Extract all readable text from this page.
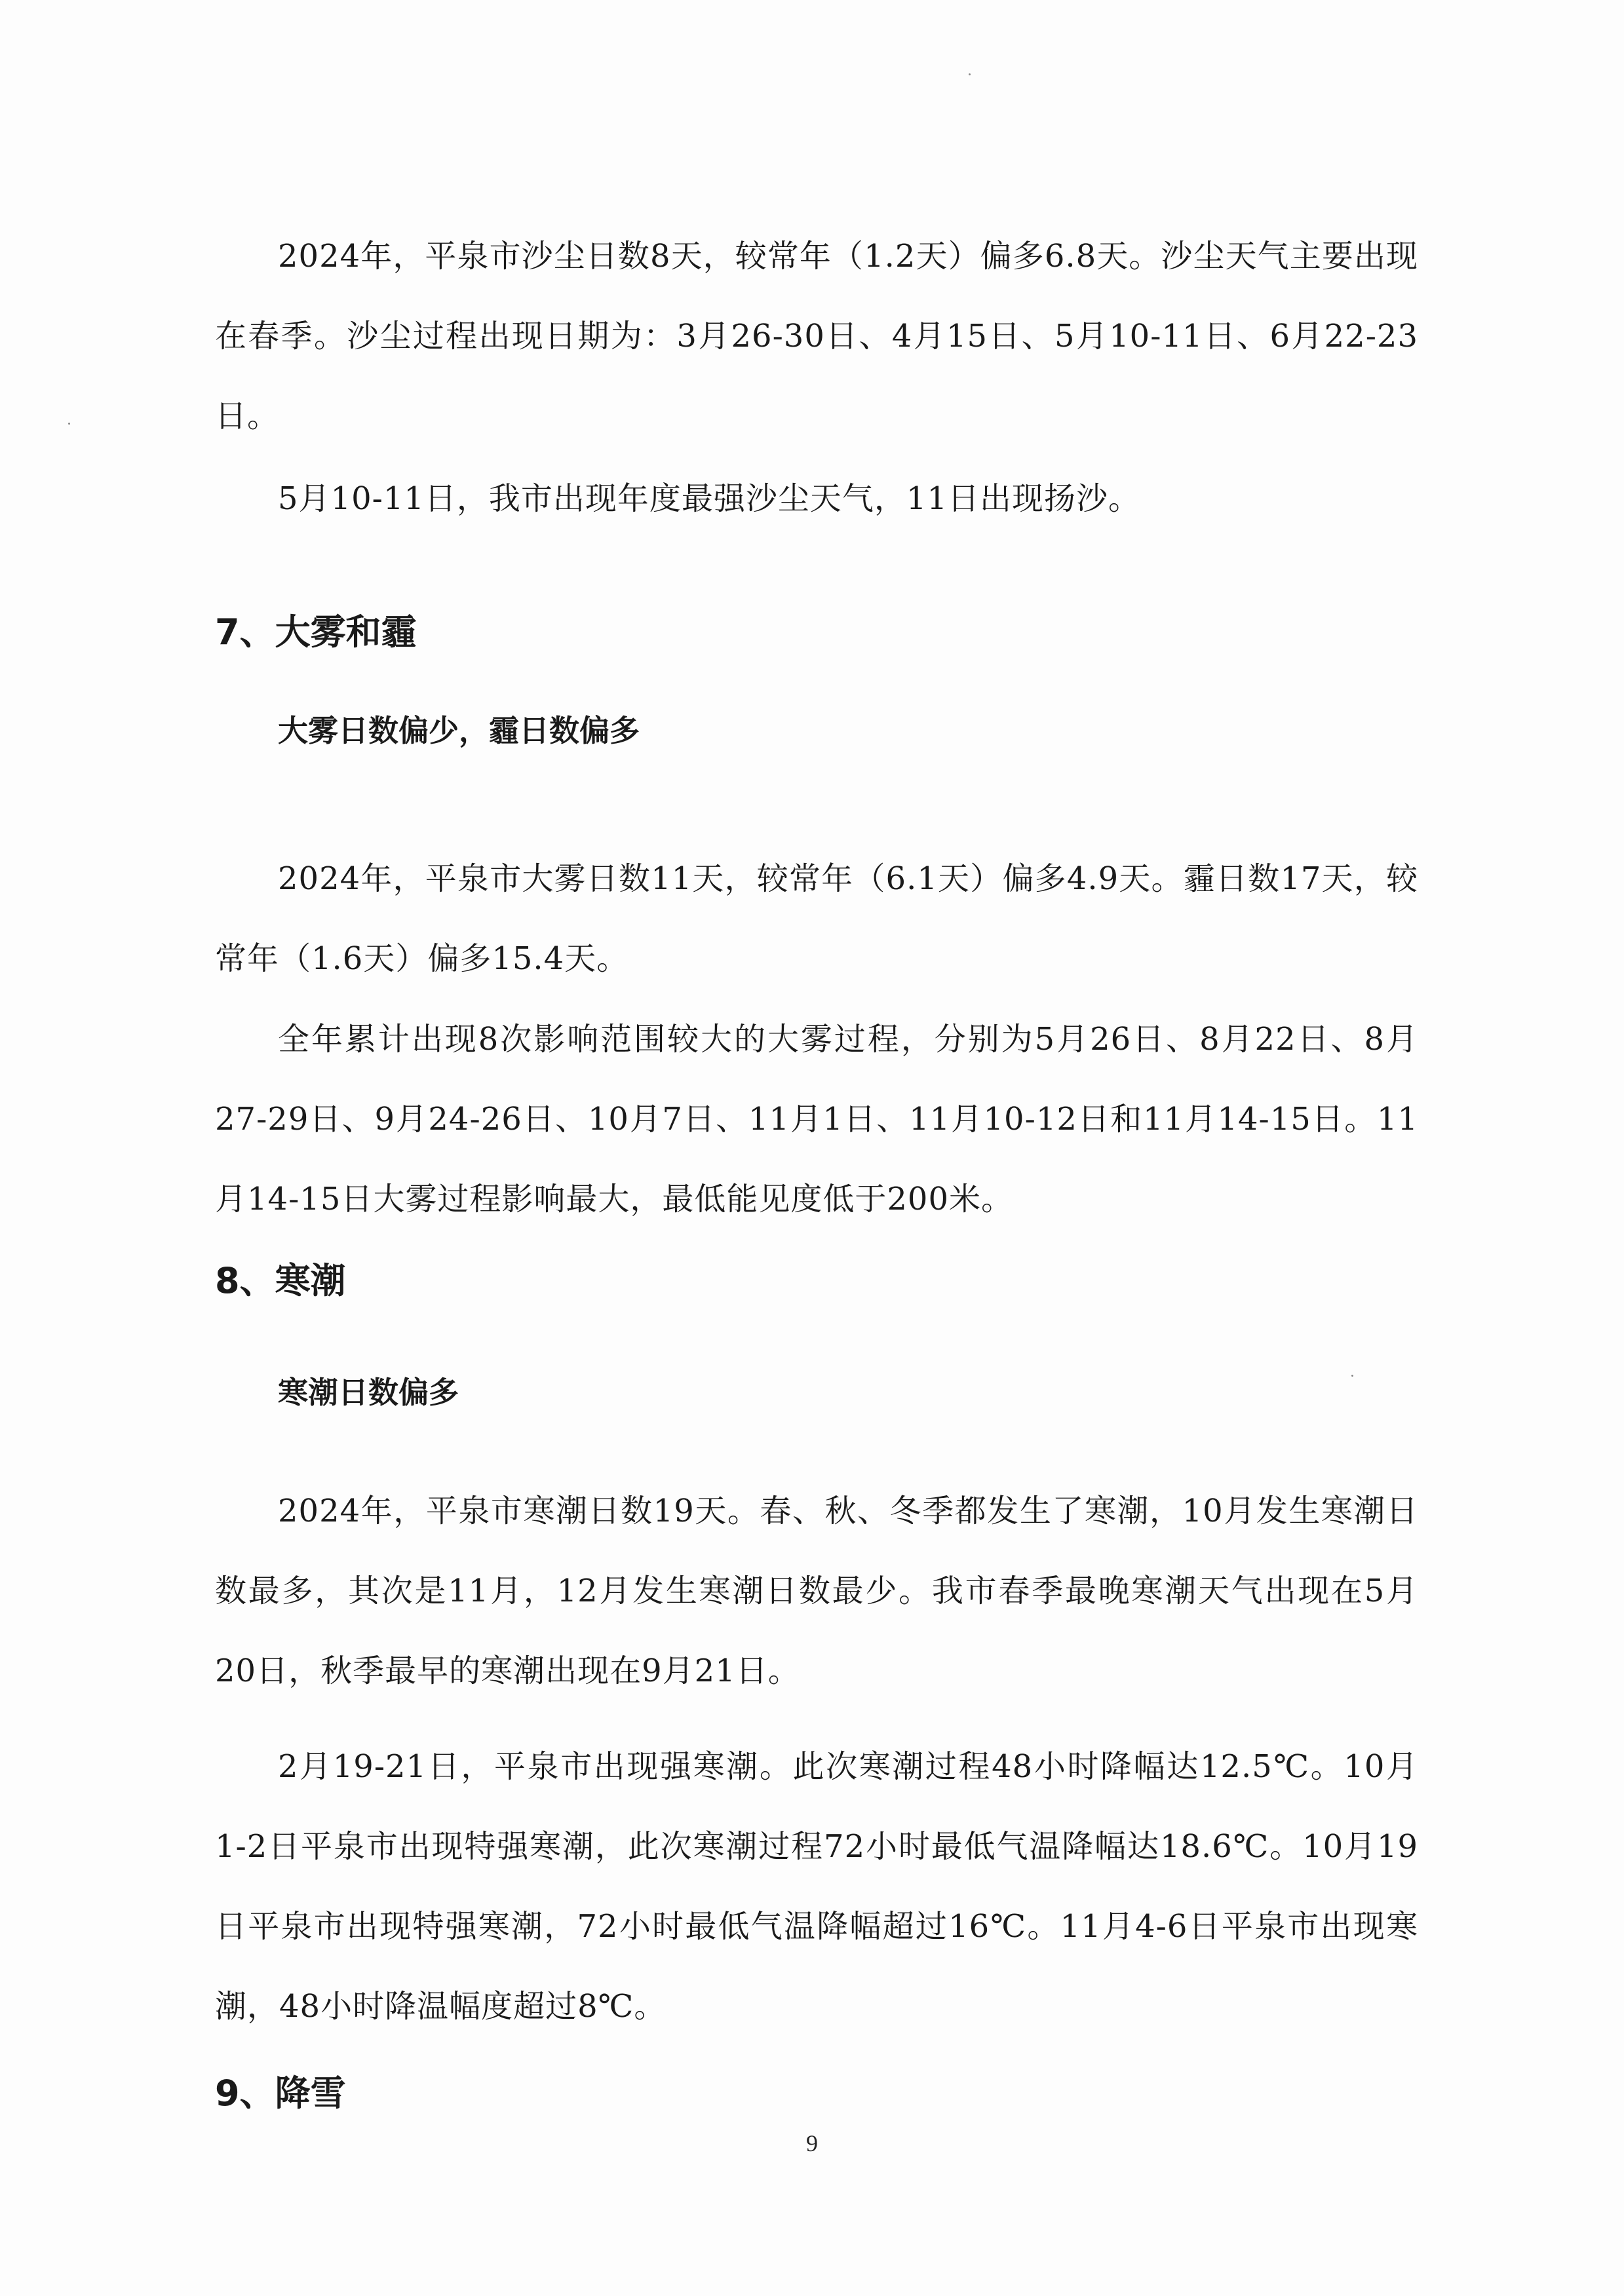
2024年，平泉市沙尘日数8天，较常年（1.2天）偏多6.8天。沙尘天气主要出现在春季。沙尘过程出现日期为：3月26-30日、4月15日、5月10-11日、6月22-23日。

5月10-11日，我市出现年度最强沙尘天气，11日出现扬沙。

7、大雾和霾
大雾日数偏少，霾日数偏多

2024年，平泉市大雾日数11天，较常年（6.1天）偏多4.9天。霾日数17天，较常年（1.6天）偏多15.4天。

全年累计出现8次影响范围较大的大雾过程，分别为5月26日、8月22日、8月27-29日、9月24-26日、10月7日、11月1日、11月10-12日和11月14-15日。11月14-15日大雾过程影响最大，最低能见度低于200米。

8、寒潮
寒潮日数偏多

2024年，平泉市寒潮日数19天。春、秋、冬季都发生了寒潮，10月发生寒潮日数最多，其次是11月，12月发生寒潮日数最少。我市春季最晚寒潮天气出现在5月20日，秋季最早的寒潮出现在9月21日。

2月19-21日，平泉市出现强寒潮。此次寒潮过程48小时降幅达12.5℃。10月1-2日平泉市出现特强寒潮，此次寒潮过程72小时最低气温降幅达18.6℃。10月19日平泉市出现特强寒潮，72小时最低气温降幅超过16℃。11月4-6日平泉市出现寒潮，48小时降温幅度超过8℃。

9、降雪
9
